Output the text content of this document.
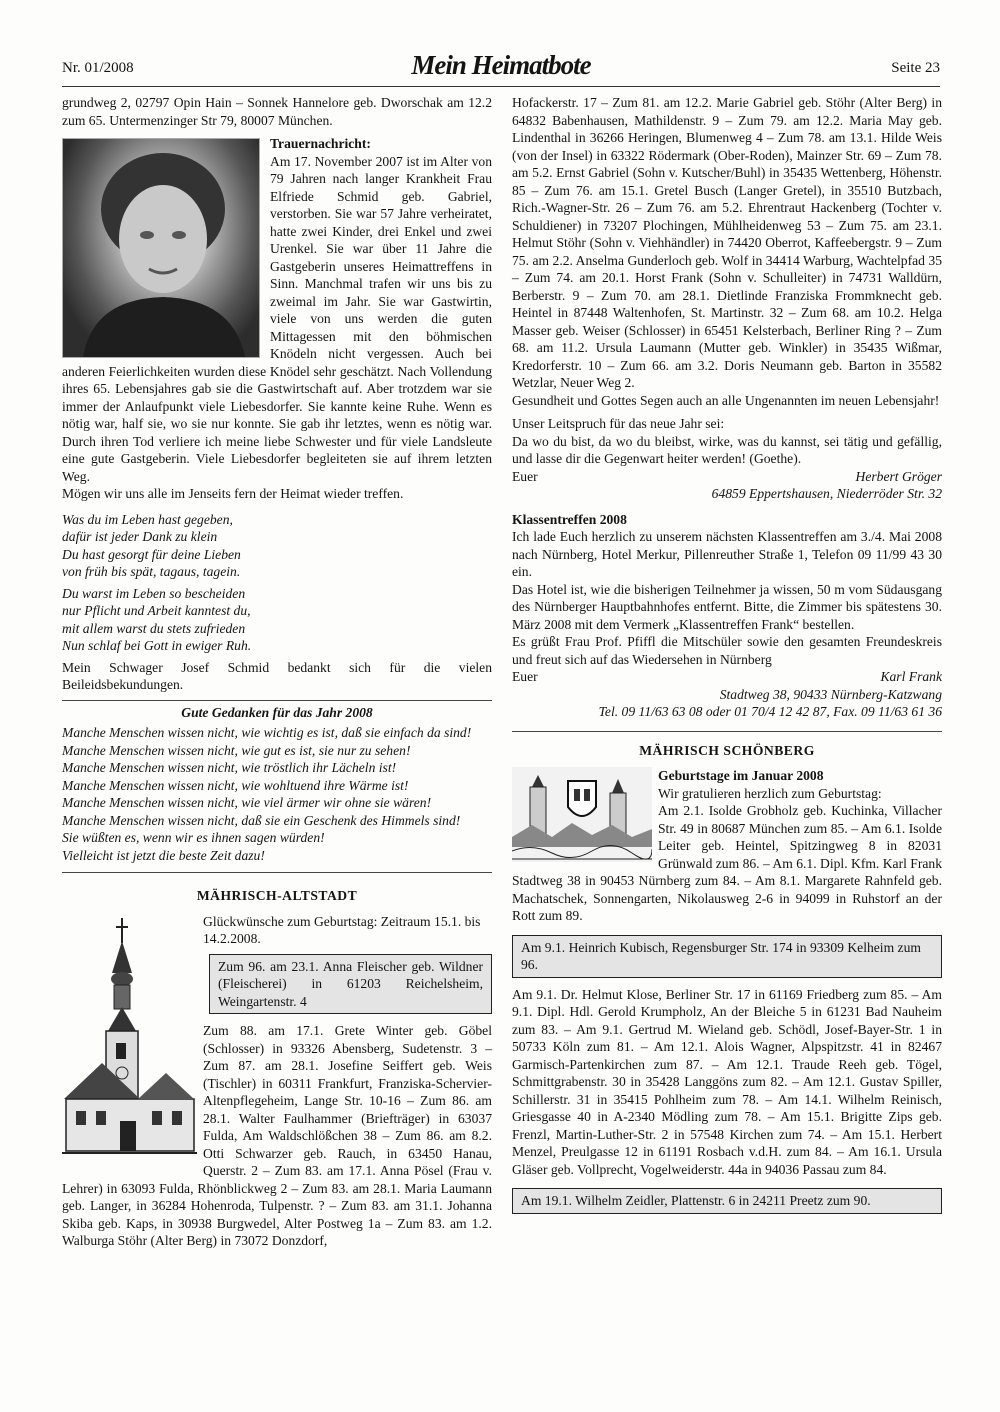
Nr. 01/2008	Mein Heimatbote	Seite 23

grundweg 2, 02797 Opin Hain – Sonnek Hannelore geb. Dworschak am 12.2 zum 65. Untermenzinger Str 79, 80007 München.

Trauernachricht:

Am 17. November 2007 ist im Alter von 79 Jahren nach langer Krankheit Frau Elfriede Schmid geb. Gabriel, verstorben. Sie war 57 Jahre verheiratet, hatte zwei Kinder, drei Enkel und zwei Urenkel. Sie war über 11 Jahre die Gastgeberin unseres Heimattreffens in Sinn. Manchmal trafen wir uns bis zu zweimal im Jahr. Sie war Gastwirtin, viele von uns werden die guten Mittagessen mit den böhmischen Knödeln nicht vergessen. Auch bei anderen Feierlichkeiten wurden diese Knödel sehr geschätzt. Nach Vollendung ihres 65. Lebensjahres gab sie die Gastwirtschaft auf. Aber trotzdem war sie immer der Anlaufpunkt viele Liebesdorfer. Sie kannte keine Ruhe. Wenn es nötig war, half sie, wo sie nur konnte. Sie gab ihr letztes, wenn es nötig war. Durch ihren Tod verliere ich meine liebe Schwester und für viele Landsleute eine gute Gastgeberin. Viele Liebesdorfer begleiteten sie auf ihrem letzten Weg.

Mögen wir uns alle im Jenseits fern der Heimat wieder treffen.

Was du im Leben hast gegeben,

dafür ist jeder Dank zu klein

Du hast gesorgt für deine Lieben

von früh bis spät, tagaus, tagein.

Du warst im Leben so bescheiden

nur Pflicht und Arbeit kanntest du,

mit allem warst du stets zufrieden

Nun schlaf bei Gott in ewiger Ruh.

Mein Schwager Josef Schmid bedankt sich für die vielen Beileidsbekundungen.

Gute Gedanken für das Jahr 2008

Manche Menschen wissen nicht, wie wichtig es ist, daß sie einfach da sind!

Manche Menschen wissen nicht, wie gut es ist, sie nur zu sehen!

Manche Menschen wissen nicht, wie tröstlich ihr Lächeln ist!

Manche Menschen wissen nicht, wie wohltuend ihre Wärme ist!

Manche Menschen wissen nicht, wie viel ärmer wir ohne sie wären!

Manche Menschen wissen nicht, daß sie ein Geschenk des Himmels sind!

Sie wüßten es, wenn wir es ihnen sagen würden!

Vielleicht ist jetzt die beste Zeit dazu!

MÄHRISCH-ALTSTADT

Glückwünsche zum Geburtstag: Zeitraum 15.1. bis 14.2.2008.

Zum 96. am 23.1. Anna Fleischer geb. Wildner (Fleischerei) in 61203 Reichelsheim, Weingartenstr. 4

Zum 88. am 17.1. Grete Winter geb. Göbel (Schlosser) in 93326 Abensberg, Sudetenstr. 3 – Zum 87. am 28.1. Josefine Seiffert geb. Weis (Tischler) in 60311 Frankfurt, Franziska-Schervier-Altenpflegeheim, Lange Str. 10-16 – Zum 86. am 28.1. Walter Faulhammer (Briefträger) in 63037 Fulda, Am Waldschlößchen 38 – Zum 86. am 8.2. Otti Schwarzer geb. Rauch, in 63450 Hanau, Querstr. 2 – Zum 83. am 17.1. Anna Pösel (Frau v. Lehrer) in 63093 Fulda, Rhönblickweg 2 – Zum 83. am 28.1. Maria Laumann geb. Langer, in 36284 Hohenroda, Tulpenstr. ? – Zum 83. am 31.1. Johanna Skiba geb. Kaps, in 30938 Burgwedel, Alter Postweg 1a – Zum 83. am 1.2. Walburga Stöhr (Alter Berg) in 73072 Donzdorf,

Hofackerstr. 17 – Zum 81. am 12.2. Marie Gabriel geb. Stöhr (Alter Berg) in 64832 Babenhausen, Mathildenstr. 9 – Zum 79. am 12.2. Maria May geb. Lindenthal in 36266 Heringen, Blumenweg 4 – Zum 78. am 13.1. Hilde Weis (von der Insel) in 63322 Rödermark (Ober-Roden), Mainzer Str. 69 – Zum 78. am 5.2. Ernst Gabriel (Sohn v. Kutscher/Buhl) in 35435 Wettenberg, Höhenstr. 85 – Zum 76. am 15.1. Gretel Busch (Langer Gretel), in 35510 Butzbach, Rich.-Wagner-Str. 26 – Zum 76. am 5.2. Ehrentraut Hackenberg (Tochter v. Schuldiener) in 73207 Plochingen, Mühlheidenweg 53 – Zum 75. am 23.1. Helmut Stöhr (Sohn v. Viehhändler) in 74420 Oberrot, Kaffeebergstr. 9 – Zum 75. am 2.2. Anselma Gunderloch geb. Wolf in 34414 Warburg, Wachtelpfad 35 – Zum 74. am 20.1. Horst Frank (Sohn v. Schulleiter) in 74731 Walldürn, Berberstr. 9 – Zum 70. am 28.1. Dietlinde Franziska Frommknecht geb. Heintel in 87448 Waltenhofen, St. Martinstr. 32 – Zum 68. am 10.2. Helga Masser geb. Weiser (Schlosser) in 65451 Kelsterbach, Berliner Ring ? – Zum 68. am 11.2. Ursula Laumann (Mutter geb. Winkler) in 35435 Wißmar, Kredorferstr. 10 – Zum 66. am 3.2. Doris Neumann geb. Barton in 35582 Wetzlar, Neuer Weg 2.

Gesundheit und Gottes Segen auch an alle Ungenannten im neuen Lebensjahr!

Unser Leitspruch für das neue Jahr sei:

Da wo du bist, da wo du bleibst, wirke, was du kannst, sei tätig und gefällig, und lasse dir die Gegenwart heiter werden! (Goethe).

Euer	Herbert Gröger

64859 Eppertshausen, Niederröder Str. 32

Klassentreffen 2008

Ich lade Euch herzlich zu unserem nächsten Klassentreffen am 3./4. Mai 2008 nach Nürnberg, Hotel Merkur, Pillenreuther Straße 1, Telefon 09 11/99 43 30 ein.

Das Hotel ist, wie die bisherigen Teilnehmer ja wissen, 50 m vom Südausgang des Nürnberger Hauptbahnhofes entfernt. Bitte, die Zimmer bis spätestens 30. März 2008 mit dem Vermerk „Klassentreffen Frank“ bestellen.

Es grüßt Frau Prof. Pfiffl die Mitschüler sowie den gesamten Freundeskreis und freut sich auf das Wiedersehen in Nürnberg

Euer	Karl Frank

Stadtweg 38, 90433 Nürnberg-Katzwang

Tel. 09 11/63 63 08 oder 01 70/4 12 42 87, Fax. 09 11/63 61 36

MÄHRISCH SCHÖNBERG

Geburtstage im Januar 2008

Wir gratulieren herzlich zum Geburtstag:

Am 2.1. Isolde Grobholz geb. Kuchinka, Villacher Str. 49 in 80687 München zum 85. – Am 6.1. Isolde Leiter geb. Heintel, Spitzingweg 8 in 82031 Grünwald zum 86. – Am 6.1. Dipl. Kfm. Karl Frank Stadtweg 38 in 90453 Nürnberg zum 84. – Am 8.1. Margarete Rahnfeld geb. Machatschek, Sonnengarten, Nikolausweg 2-6 in 94099 in Ruhstorf an der Rott zum 89.

Am 9.1. Heinrich Kubisch, Regensburger Str. 174 in 93309 Kelheim zum 96.

Am 9.1. Dr. Helmut Klose, Berliner Str. 17 in 61169 Friedberg zum 85. – Am 9.1. Dipl. Hdl. Gerold Krumpholz, An der Bleiche 5 in 61231 Bad Nauheim zum 83. – Am 9.1. Gertrud M. Wieland geb. Schödl, Josef-Bayer-Str. 1 in 50733 Köln zum 81. – Am 12.1. Alois Wagner, Alpspitzstr. 41 in 82467 Garmisch-Partenkirchen zum 87. – Am 12.1. Traude Reeh geb. Tögel, Schmittgrabenstr. 30 in 35428 Langgöns zum 82. – Am 12.1. Gustav Spiller, Schillerstr. 31 in 35415 Pohlheim zum 78. – Am 14.1. Wilhelm Reinisch, Griesgasse 40 in A-2340 Mödling zum 78. – Am 15.1. Brigitte Zips geb. Frenzl, Martin-Luther-Str. 2 in 57548 Kirchen zum 74. – Am 15.1. Herbert Menzel, Preulgasse 12 in 61191 Rosbach v.d.H. zum 84. – Am 16.1. Ursula Gläser geb. Vollprecht, Vogelweiderstr. 44a in 94036 Passau zum 84.

Am 19.1. Wilhelm Zeidler, Plattenstr. 6 in 24211 Preetz zum 90.
